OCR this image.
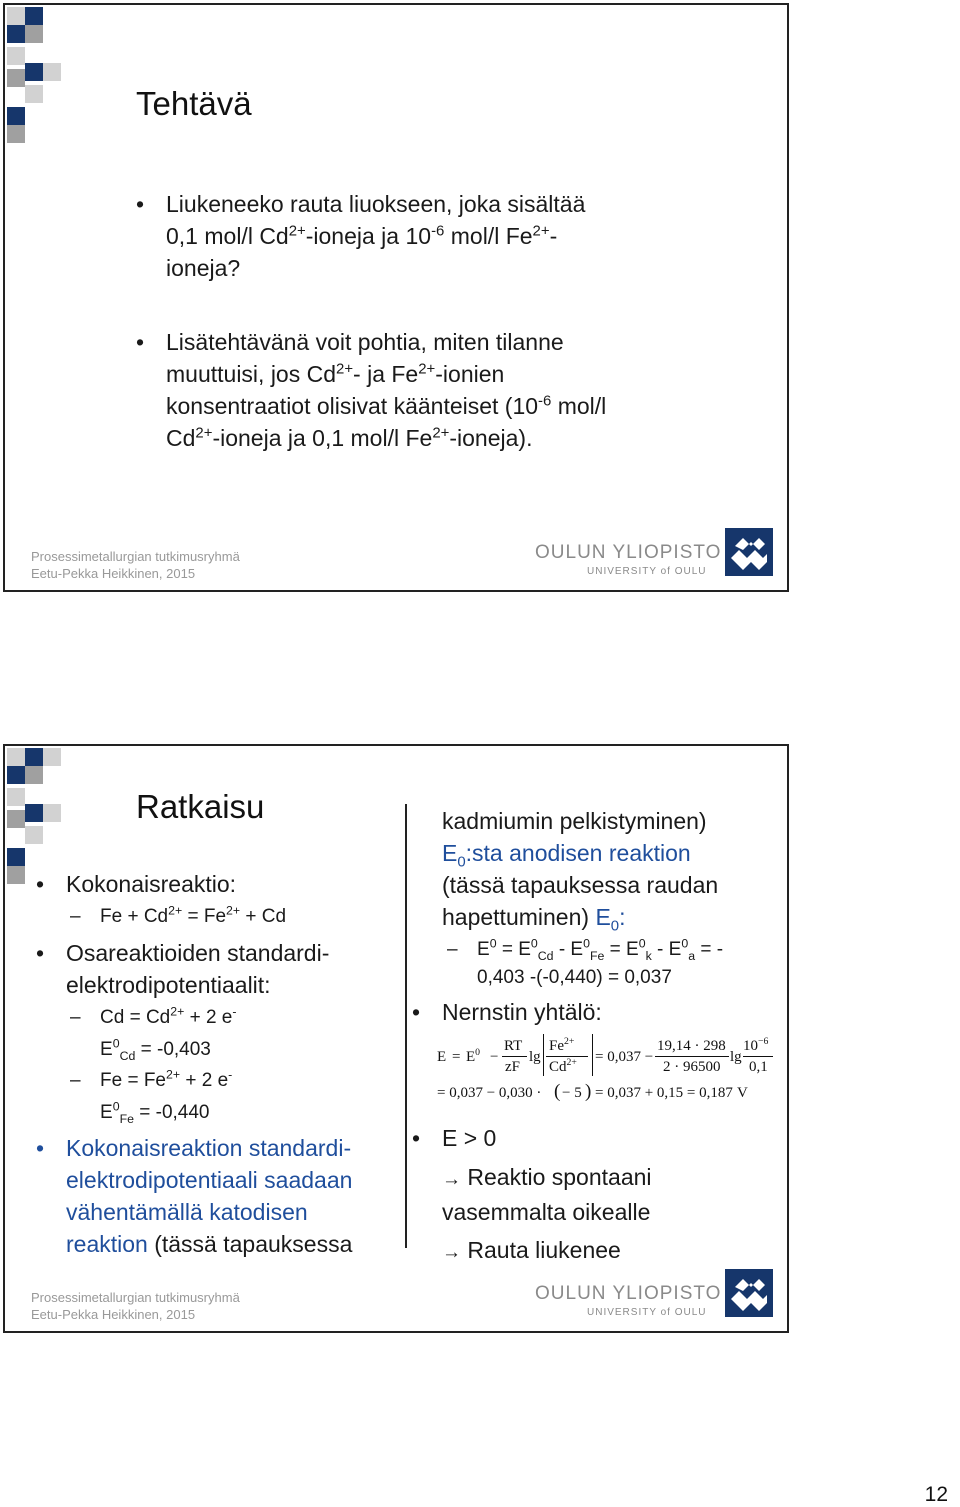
Tehtävä
• Liukeneeko rauta liuokseen, joka sisältää
0,1 mol/l $Cd^{2+}$-ioneja ja $10^{-6}$ mol/l $Fe^{2+}-$
ioneja?
• Lisätehtävänä voit pohtia, miten tilanne
muuttuisi, jos $Cd^{2+}-$ ja $Fe^{2+}$-ionien
konsentraatiot olisivat käänteiset ($10^{-6}$ mol/l
$Cd^{2+}$-ioneja ja 0,1 mol/l $Fe^{2+}-ioneja$).
Prosessimetallurgian tutkimusryhmä
Eetu-Pekka Heikkinen, 2015
OULUN YLIOPISTO
UNIVERSITY of OULU
Ratkaisu
• Kokonaisreaktio:
– $Fe + Cd^{2+} = Fe^{2+} + Cd$
• Osareaktioiden standardi-
elektrodipotentiaalit:
– $Cd = Cd^{2+} + 2$ e-
$E^0_{Cd} = -0,403$
– $Fe = Fe^{2+} + 2$ e-
$E^0_{Fe} = -0,440$
• Kokonaisreaktion standardi-
elektrodipotentiaali saadaan
vähentämällä katodisen
reaktion (tässä tapauksessa
kadmiumin pelkistyminen)
$E_0:sta$ anodisen reaktion
(tässä tapauksessa raudan
hapettuminen) $E_0$:
– $E^0 = E^0_{Cd} - E^0_{Fe} = E^0_k - E^0_a$ = -
0,403 -(-0,440) = 0,037
• Nernstin yhtälö:
$E = E^0$ −
RT
zF
lg
$Fe^{2+}$
$Cd^{2+} = 0,037$ −
19,14 · 298
2 · 96500
lg
$10^{-6}$
0,1
= 0,037 − 0,030 · ( − 5 ) = 0,037 + 0,15 = 0,187 V
• E > 0
→ Reaktio spontaani
vasemmalta oikealle
→ Rauta liukenee
Prosessimetallurgian tutkimusryhmä
Eetu-Pekka Heikkinen, 2015
OULUN YLIOPISTO
UNIVERSITY of OULU
12
